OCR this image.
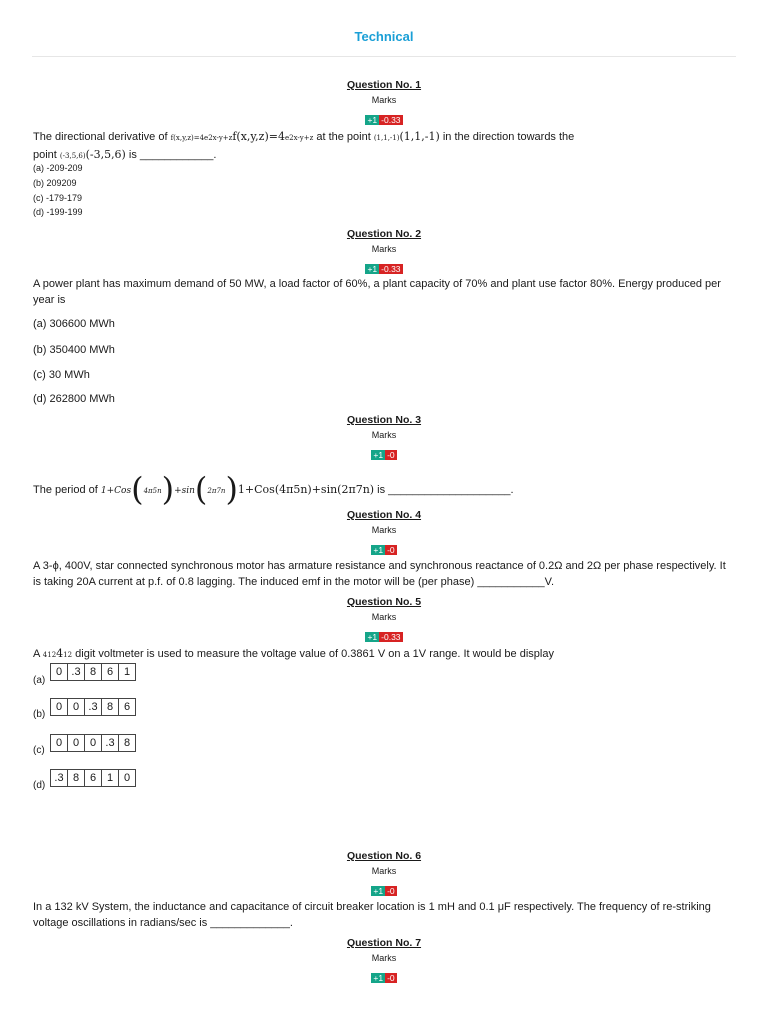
Technical
Question No. 1
Marks
+1 -0.33
The directional derivative of f(x,y,z)=4e2x-y+zf(x,y,z)=4e2x-y+z at the point (1,1,-1)(1,1,-1) in the direction towards the
point (-3,5,6)(-3,5,6) is ____________.
(a) -209-209
(b) 209209
(c) -179-179
(d) -199-199
Question No. 2
Marks
+1 -0.33
A power plant has maximum demand of 50 MW, a load factor of 60%, a plant capacity of 70% and plant use factor 80%. Energy produced per year is
(a) 306600 MWh
(b) 350400 MWh
(c) 30 MWh
(d) 262800 MWh
Question No. 3
Marks
+1 -0
The period of 1+Cos(4π5n)+sin(2π7n)1+Cos(4π5n)+sin(2π7n) is ____________________.
Question No. 4
Marks
+1 -0
A 3-ϕ, 400V, star connected synchronous motor has armature resistance and synchronous reactance of 0.2Ω and 2Ω per phase respectively. It is taking 20A current at p.f. of 0.8 lagging. The induced emf in the motor will be (per phase) ___________V.
Question No. 5
Marks
+1 -0.33
A 412412 digit voltmeter is used to measure the voltage value of 0.3861 V on a 1V range. It would be display
(a)
0 .3 8 6 1
(b)
0 0 .3 8 6
(c)
0 0 0 .3 8
(d)
.3 8 6 1 0
Question No. 6
Marks
+1 -0
In a 132 kV System, the inductance and capacitance of circuit breaker location is 1 mH and 0.1 μF respectively. The frequency of re-striking voltage oscillations in radians/sec is _____________.
Question No. 7
Marks
+1 -0
